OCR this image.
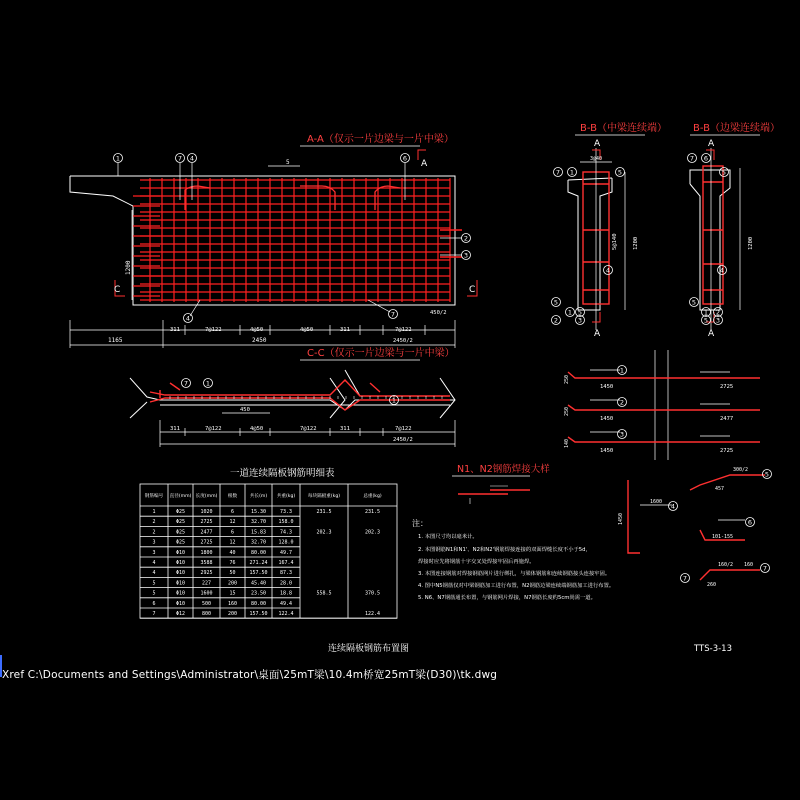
A-A（仅示一片边梁与一片中梁）
A
C	C
1165	2450
311	7@122	4@50	4@50	311	7@122
450/2
2450/2
5
1200
1	7 4	6
2
3
7
4
C-C（仅示一片边梁与一片中梁）
311	7@122	4@50	7@122	311	7@122
2450/2
450
7	1
1
B-B（中梁连续端）
A
A
3@40
1200
5@140
B-B（边梁连续端）
A
A
1200
7 1	5
4
5
1 5
2	3
7 6
5
4
5
1 2
5 3
1450	2725
1450	2477
1450	2725
250
250
140
300/2
457
1600
101-155
160/2 160
260
1450
1
2
3
4
5
6
7
7
N1、N2钢筋焊接大样
一道连续隔板钢筋明细表
钢筋编号 直径(mm) 长度(mm) 根数	共长(m) 共重(kg)	每块隔板重(kg)	总重(kg)
1	Φ25	1020	6	15.30	73.3	231.5	231.5
2	Φ25	2725	12	32.70 158.0
2	Φ25	2477	6	15.83	74.3	202.3	202.3
3	Φ25	2725	12	32.70 128.0
3	Φ10	1800	40	80.00	49.7
4	Φ10	3588	76	271.24 167.4
4	Φ10	2925	50	157.50 87.3
5	Φ10	227	200	45.40	28.0
5	Φ10	1600	15	23.50	18.8	558.5	370.5
6	Φ10	500	160	80.00	49.4
7	Φ12	800	200 157.50 122.4	122.4
注：
1. 本图尺寸均以毫米计。
2. 本图钢筋N1和N1'、N2和N2'钢筋焊接连接的双面焊缝长度不小于5d，
焊接时应先将钢筋十字交叉处焊接牢固后再施焊。
3. 本图连接钢筋对焊接钢筋网片进行绑扎，与梁体钢筋和连续钢筋接头连接牢固。
4. 图中N5钢筋仅对中梁钢筋加工进行布置，N2钢筋边梁连续端钢筋加工进行布置。
5. N6、N7钢筋通长布置，与钢筋网片焊接，N7钢筋长度约5cm尚需一道。
连续隔板钢筋布置图	TTS-3-13
Xref C:\Documents and Settings\Administrator\桌面\25mT梁\10.4m桥宽25mT梁(D30)\tk.dwg
